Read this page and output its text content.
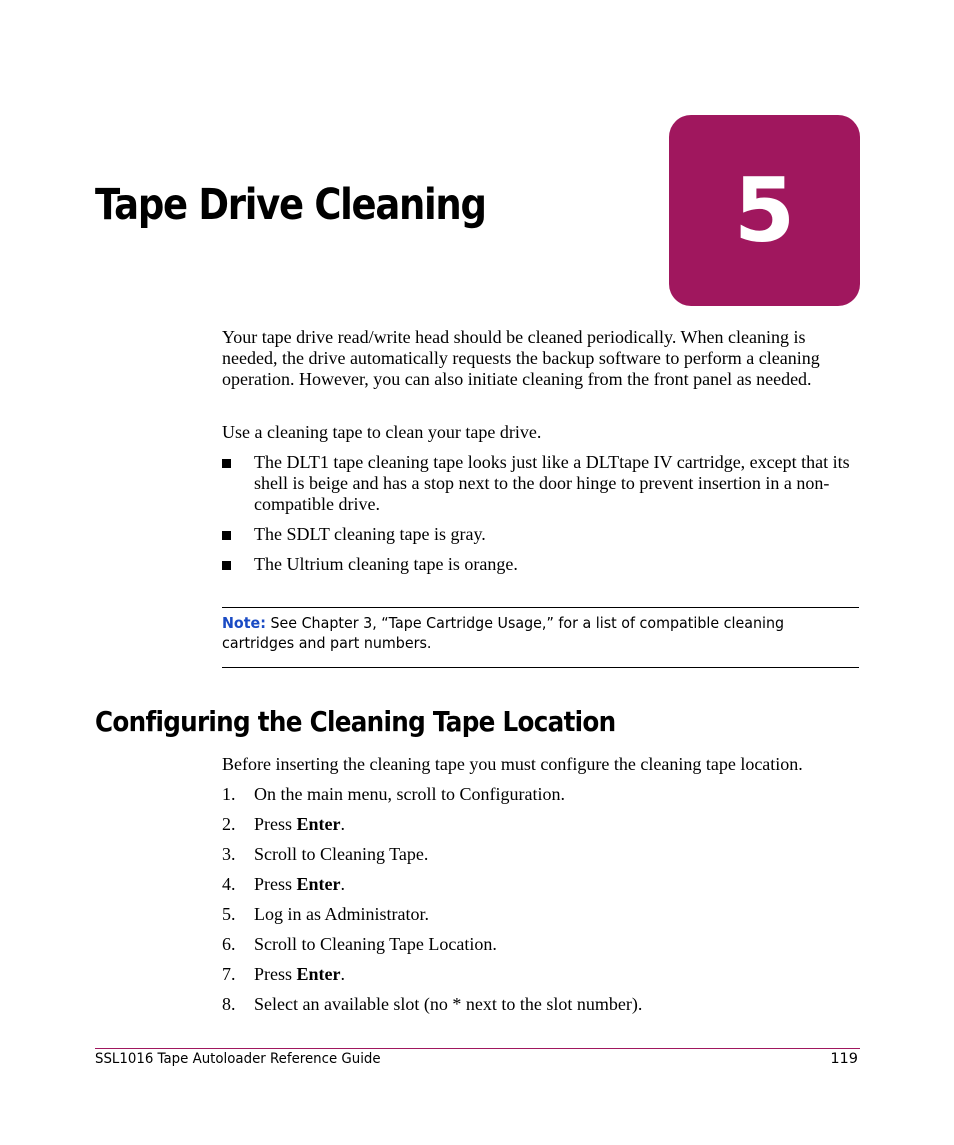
Tape Drive Cleaning	5

Your tape drive read/write head should be cleaned periodically. When cleaning is needed, the drive automatically requests the backup software to perform a cleaning operation. However, you can also initiate cleaning from the front panel as needed.

Use a cleaning tape to clean your tape drive.

The DLT1 tape cleaning tape looks just like a DLTtape IV cartridge, except that its shell is beige and has a stop next to the door hinge to prevent insertion in a non-compatible drive.
The SDLT cleaning tape is gray.
The Ultrium cleaning tape is orange.
Note: See Chapter 3, “Tape Cartridge Usage,” for a list of compatible cleaning cartridges and part numbers.
Configuring the Cleaning Tape Location

Before inserting the cleaning tape you must configure the cleaning tape location.

1. On the main menu, scroll to Configuration.
2. Press Enter.
3. Scroll to Cleaning Tape.
4. Press Enter.
5. Log in as Administrator.
6. Scroll to Cleaning Tape Location.
7. Press Enter.
8. Select an available slot (no * next to the slot number).
SSL1016 Tape Autoloader Reference Guide	119
